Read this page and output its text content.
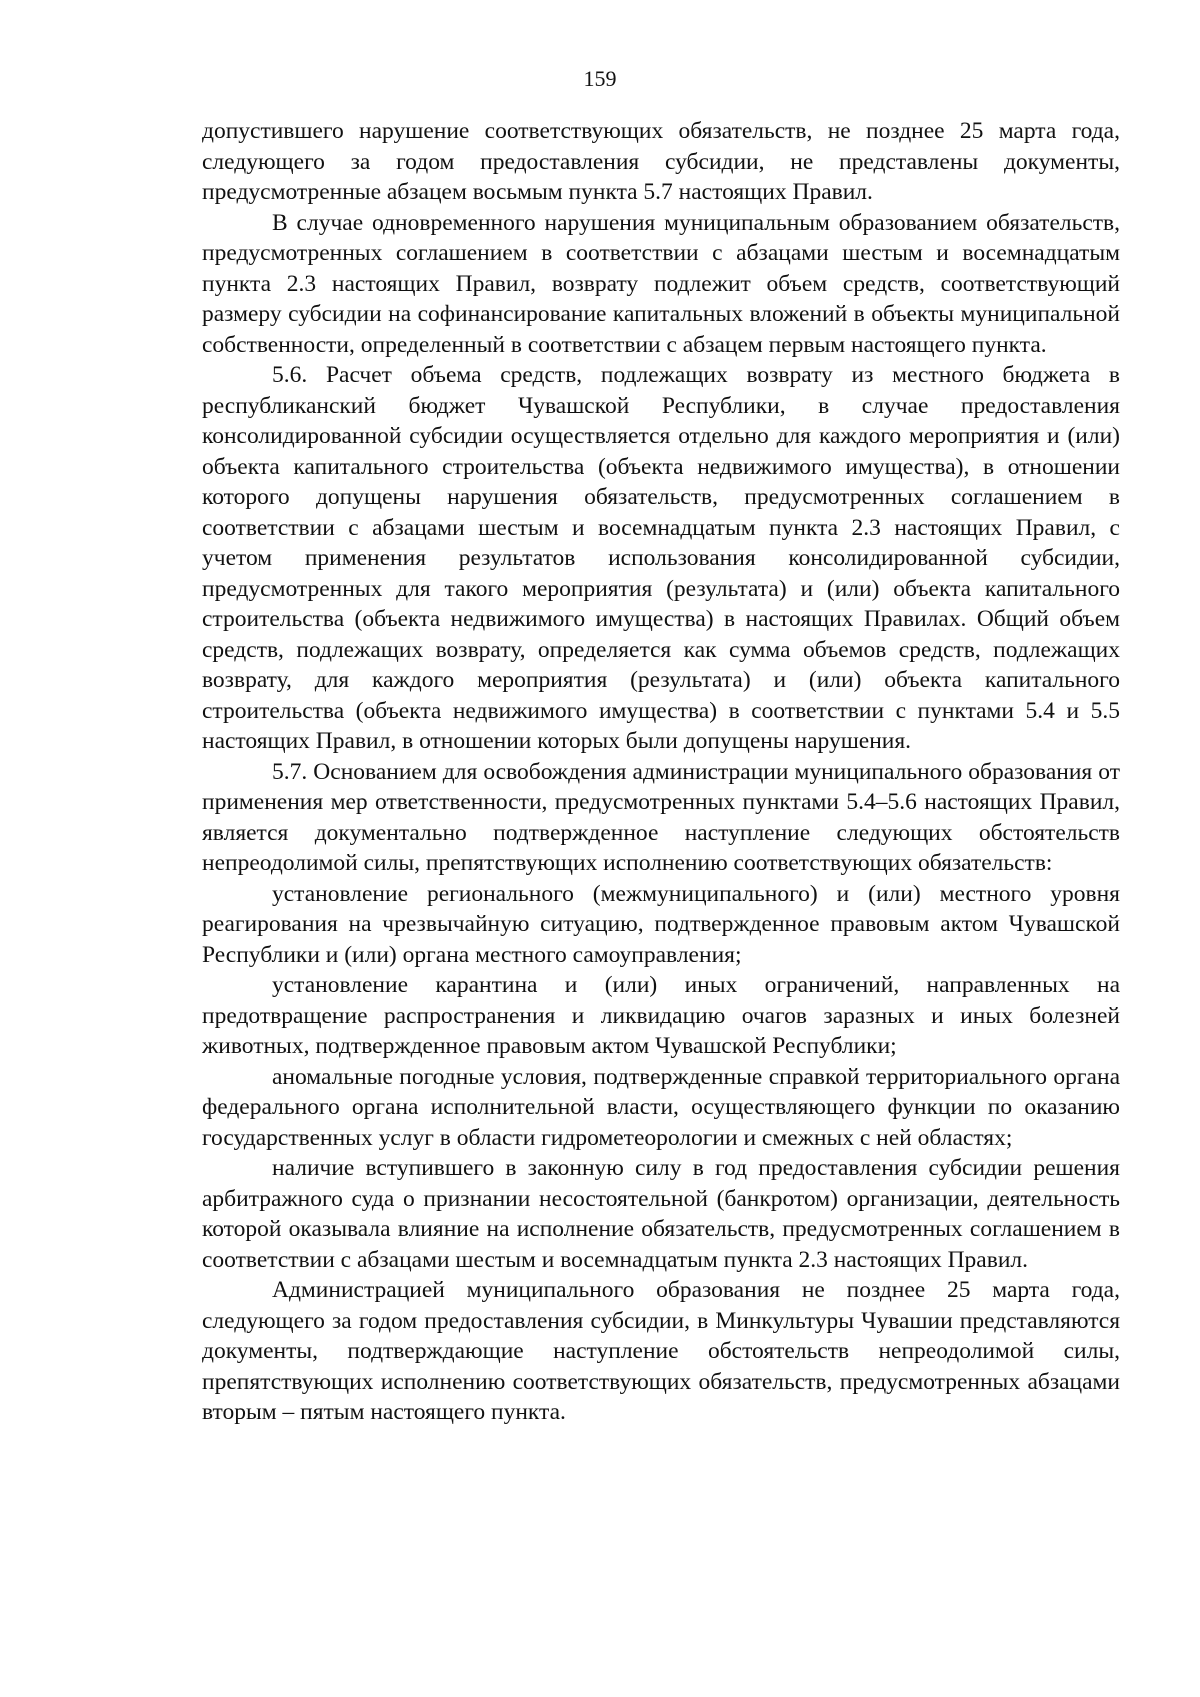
159

допустившего нарушение соответствующих обязательств, не позднее 25 марта года, следующего за годом предоставления субсидии, не представлены документы, предусмотренные абзацем восьмым пункта 5.7 настоящих Правил.

В случае одновременного нарушения муниципальным образованием обязательств, предусмотренных соглашением в соответствии с абзацами шестым и восемнадцатым пункта 2.3 настоящих Правил, возврату подлежит объем средств, соответствующий размеру субсидии на софинансирование капитальных вложений в объекты муниципальной собственности, определенный в соответствии с абзацем первым настоящего пункта.

5.6. Расчет объема средств, подлежащих возврату из местного бюджета в республиканский бюджет Чувашской Республики, в случае предоставления консолидированной субсидии осуществляется отдельно для каждого мероприятия и (или) объекта капитального строительства (объекта недвижимого имущества), в отношении которого допущены нарушения обязательств, предусмотренных соглашением в соответствии с абзацами шестым и восемнадцатым пункта 2.3 настоящих Правил, с учетом применения результатов использования консолидированной субсидии, предусмотренных для такого мероприятия (результата) и (или) объекта капитального строительства (объекта недвижимого имущества) в настоящих Правилах. Общий объем средств, подлежащих возврату, определяется как сумма объемов средств, подлежащих возврату, для каждого мероприятия (результата) и (или) объекта капитального строительства (объекта недвижимого имущества) в соответствии с пунктами 5.4 и 5.5 настоящих Правил, в отношении которых были допущены нарушения.

5.7. Основанием для освобождения администрации муниципального образования от применения мер ответственности, предусмотренных пунктами 5.4–5.6 настоящих Правил, является документально подтвержденное наступление следующих обстоятельств непреодолимой силы, препятствующих исполнению соответствующих обязательств:

установление регионального (межмуниципального) и (или) местного уровня реагирования на чрезвычайную ситуацию, подтвержденное правовым актом Чувашской Республики и (или) органа местного самоуправления;

установление карантина и (или) иных ограничений, направленных на предотвращение распространения и ликвидацию очагов заразных и иных болезней животных, подтвержденное правовым актом Чувашской Республики;

аномальные погодные условия, подтвержденные справкой территориального органа федерального органа исполнительной власти, осуществляющего функции по оказанию государственных услуг в области гидрометеорологии и смежных с ней областях;

наличие вступившего в законную силу в год предоставления субсидии решения арбитражного суда о признании несостоятельной (банкротом) организации, деятельность которой оказывала влияние на исполнение обязательств, предусмотренных соглашением в соответствии с абзацами шестым и восемнадцатым пункта 2.3 настоящих Правил.

Администрацией муниципального образования не позднее 25 марта года, следующего за годом предоставления субсидии, в Минкультуры Чувашии представляются документы, подтверждающие наступление обстоятельств непреодолимой силы, препятствующих исполнению соответствующих обязательств, предусмотренных абзацами вторым – пятым настоящего пункта.
